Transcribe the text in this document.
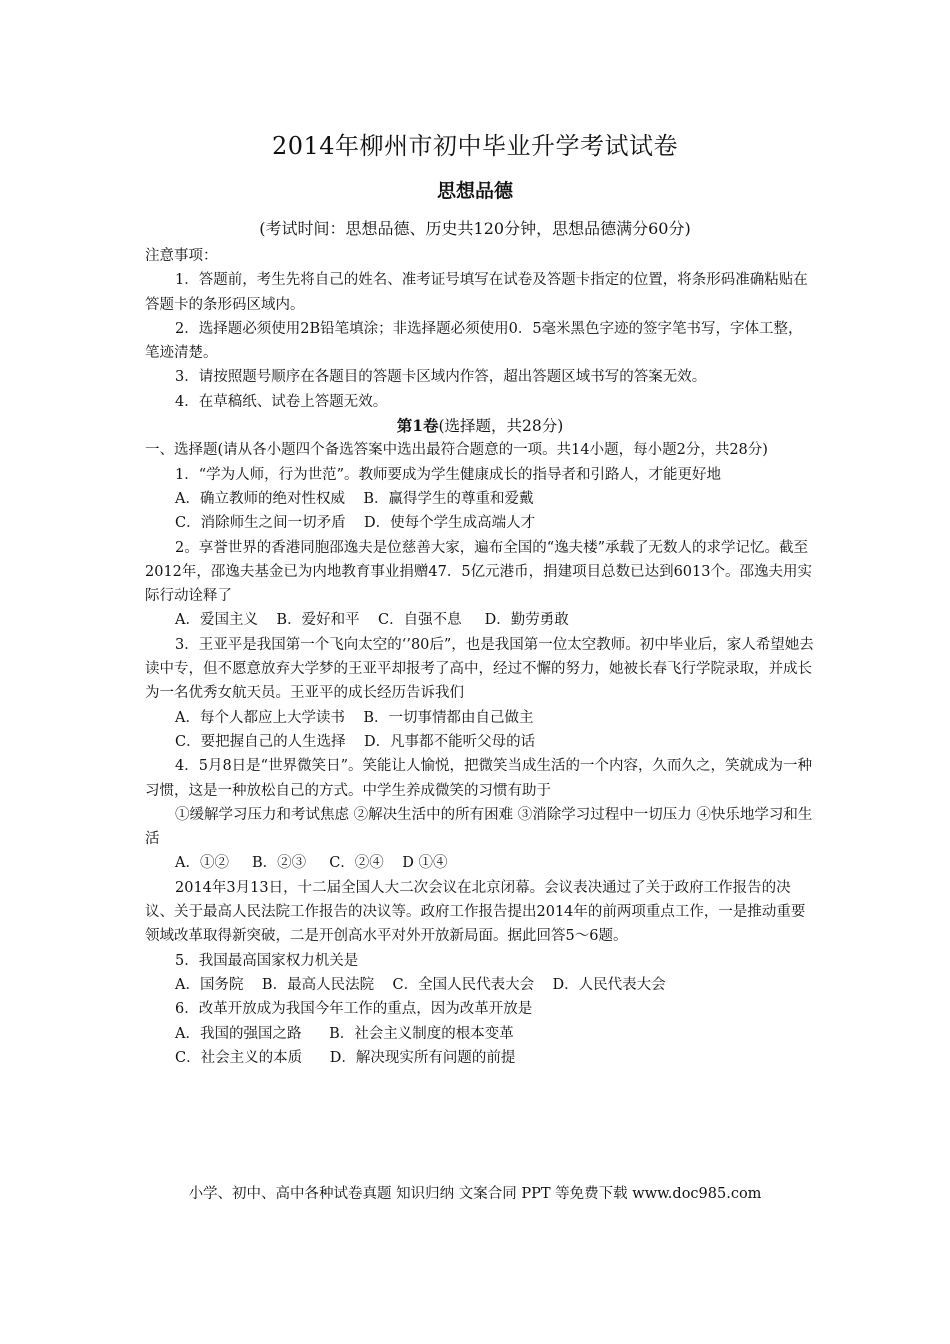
2014年柳州市初中毕业升学考试试卷
思想品德
(考试时间：思想品德、历史共120分钟，思想品德满分60分)

注意事项：

1．答题前，考生先将自己的姓名、准考证号填写在试卷及答题卡指定的位置，将条形码准确粘贴在答题卡的条形码区域内。

2．选择题必须使用2B铅笔填涂；非选择题必须使用0．5毫米黑色字迹的签字笔书写，字体工整，笔迹清楚。

3．请按照题号顺序在各题目的答题卡区域内作答，超出答题区域书写的答案无效。

4．在草稿纸、试卷上答题无效。

第1卷(选择题，共28分)

一、选择题(请从各小题四个备选答案中选出最符合题意的一项。共14小题，每小题2分，共28分)

1．“学为人师，行为世范”。教师要成为学生健康成长的指导者和引路人，才能更好地

A．确立教师的绝对性权威    B．赢得学生的尊重和爱戴

C．消除师生之间一切矛盾    D．使每个学生成高端人才

2。享誉世界的香港同胞邵逸夫是位慈善大家，遍布全国的“逸夫楼”承载了无数人的求学记忆。截至2012年，邵逸夫基金已为内地教育事业捐赠47．5亿元港币，捐建项目总数已达到6013个。邵逸夫用实际行动诠释了

A．爱国主义    B．爱好和平    C．自强不息     D．勤劳勇敢

3．王亚平是我国第一个飞向太空的‘’80后”，也是我国第一位太空教师。初中毕业后，家人希望她去读中专，但不愿意放弃大学梦的王亚平却报考了高中，经过不懈的努力，她被长春飞行学院录取，并成长为一名优秀女航天员。王亚平的成长经历告诉我们

A．每个人都应上大学读书    B．一切事情都由自己做主

C．要把握自己的人生选择    D．凡事都不能听父母的话

4．5月8日是“世界微笑日”。笑能让人愉悦，把微笑当成生活的一个内容，久而久之，笑就成为一种习惯，这是一种放松自己的方式。中学生养成微笑的习惯有助于

①缓解学习压力和考试焦虑 ②解决生活中的所有困难 ③消除学习过程中一切压力 ④快乐地学习和生活

A．①②     B．②③     C．②④    D ①④

2014年3月13日，十二届全国人大二次会议在北京闭幕。会议表决通过了关于政府工作报告的决议、关于最高人民法院工作报告的决议等。政府工作报告提出2014年的前两项重点工作，一是推动重要领域改革取得新突破，二是开创高水平对外开放新局面。据此回答5～6题。

5．我国最高国家权力机关是

A．国务院    B．最高人民法院    C．全国人民代表大会    D．人民代表大会

6．改革开放成为我国今年工作的重点，因为改革开放是

A．我国的强国之路      B．社会主义制度的根本变革

C．社会主义的本质      D．解决现实所有问题的前提

小学、初中、高中各种试卷真题 知识归纳 文案合同 PPT 等免费下载 www.doc985.com
